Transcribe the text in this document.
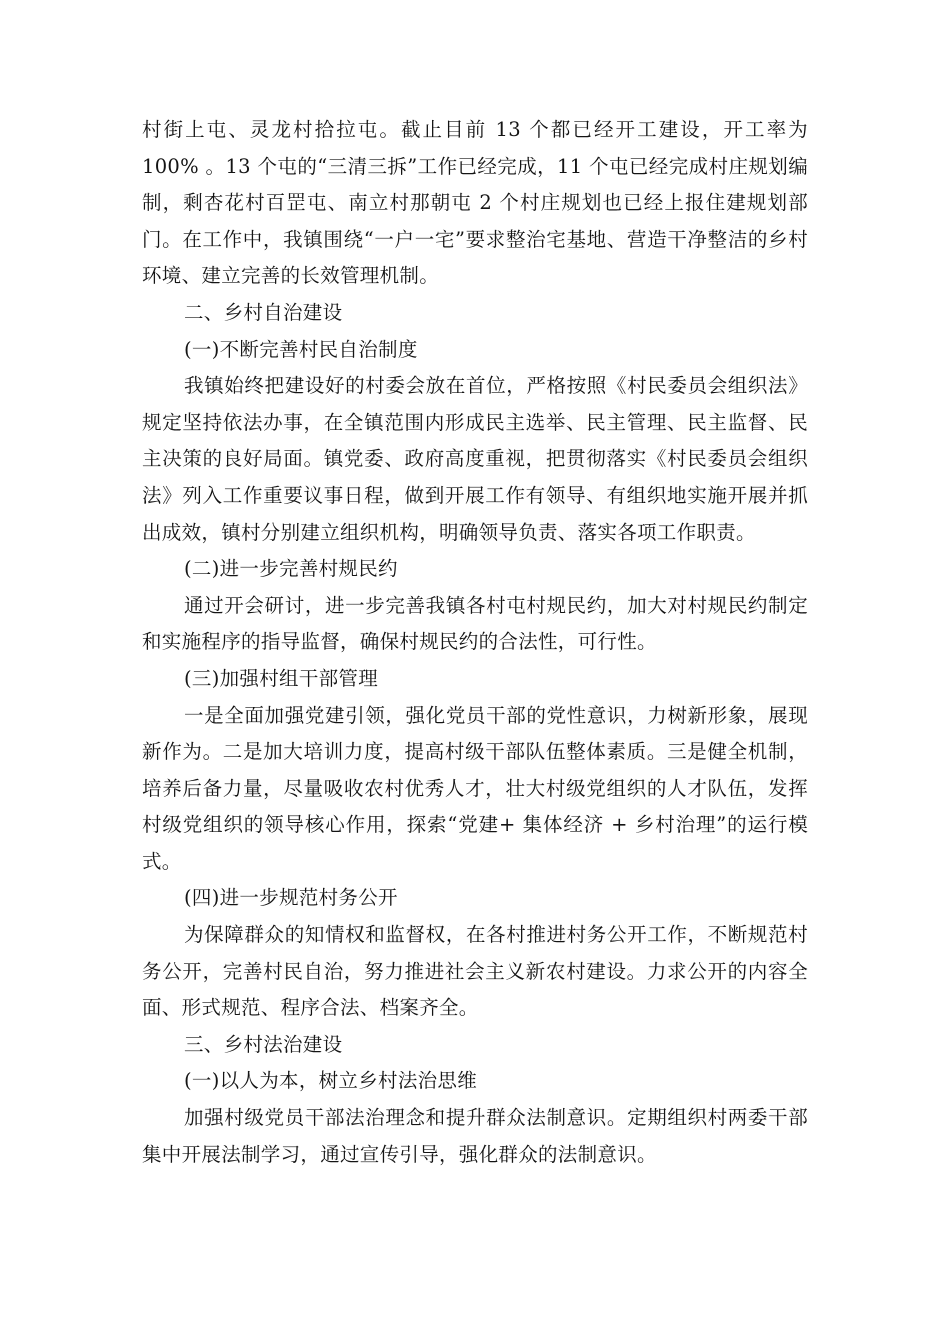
村街上屯、灵龙村拾拉屯。截止目前 13 个都已经开工建设，开工率为 100% 。13 个屯的“三清三拆”工作已经完成，11 个屯已经完成村庄规划编制，剩杏花村百罡屯、南立村那朝屯 2 个村庄规划也已经上报住建规划部门。在工作中，我镇围绕“一户一宅”要求整治宅基地、营造干净整洁的乡村环境、建立完善的长效管理机制。

二、乡村自治建设

(一)不断完善村民自治制度

我镇始终把建设好的村委会放在首位，严格按照《村民委员会组织法》规定坚持依法办事，在全镇范围内形成民主选举、民主管理、民主监督、民主决策的良好局面。镇党委、政府高度重视，把贯彻落实《村民委员会组织法》列入工作重要议事日程，做到开展工作有领导、有组织地实施开展并抓出成效，镇村分别建立组织机构，明确领导负责、落实各项工作职责。

(二)进一步完善村规民约

通过开会研讨，进一步完善我镇各村屯村规民约，加大对村规民约制定和实施程序的指导监督，确保村规民约的合法性，可行性。

(三)加强村组干部管理

一是全面加强党建引领，强化党员干部的党性意识，力树新形象，展现新作为。二是加大培训力度，提高村级干部队伍整体素质。三是健全机制，培养后备力量，尽量吸收农村优秀人才，壮大村级党组织的人才队伍，发挥村级党组织的领导核心作用，探索“党建+ 集体经济 + 乡村治理”的运行模式。

(四)进一步规范村务公开

为保障群众的知情权和监督权，在各村推进村务公开工作，不断规范村务公开，完善村民自治，努力推进社会主义新农村建设。力求公开的内容全面、形式规范、程序合法、档案齐全。

三、乡村法治建设

(一)以人为本，树立乡村法治思维

加强村级党员干部法治理念和提升群众法制意识。定期组织村两委干部集中开展法制学习，通过宣传引导，强化群众的法制意识。
